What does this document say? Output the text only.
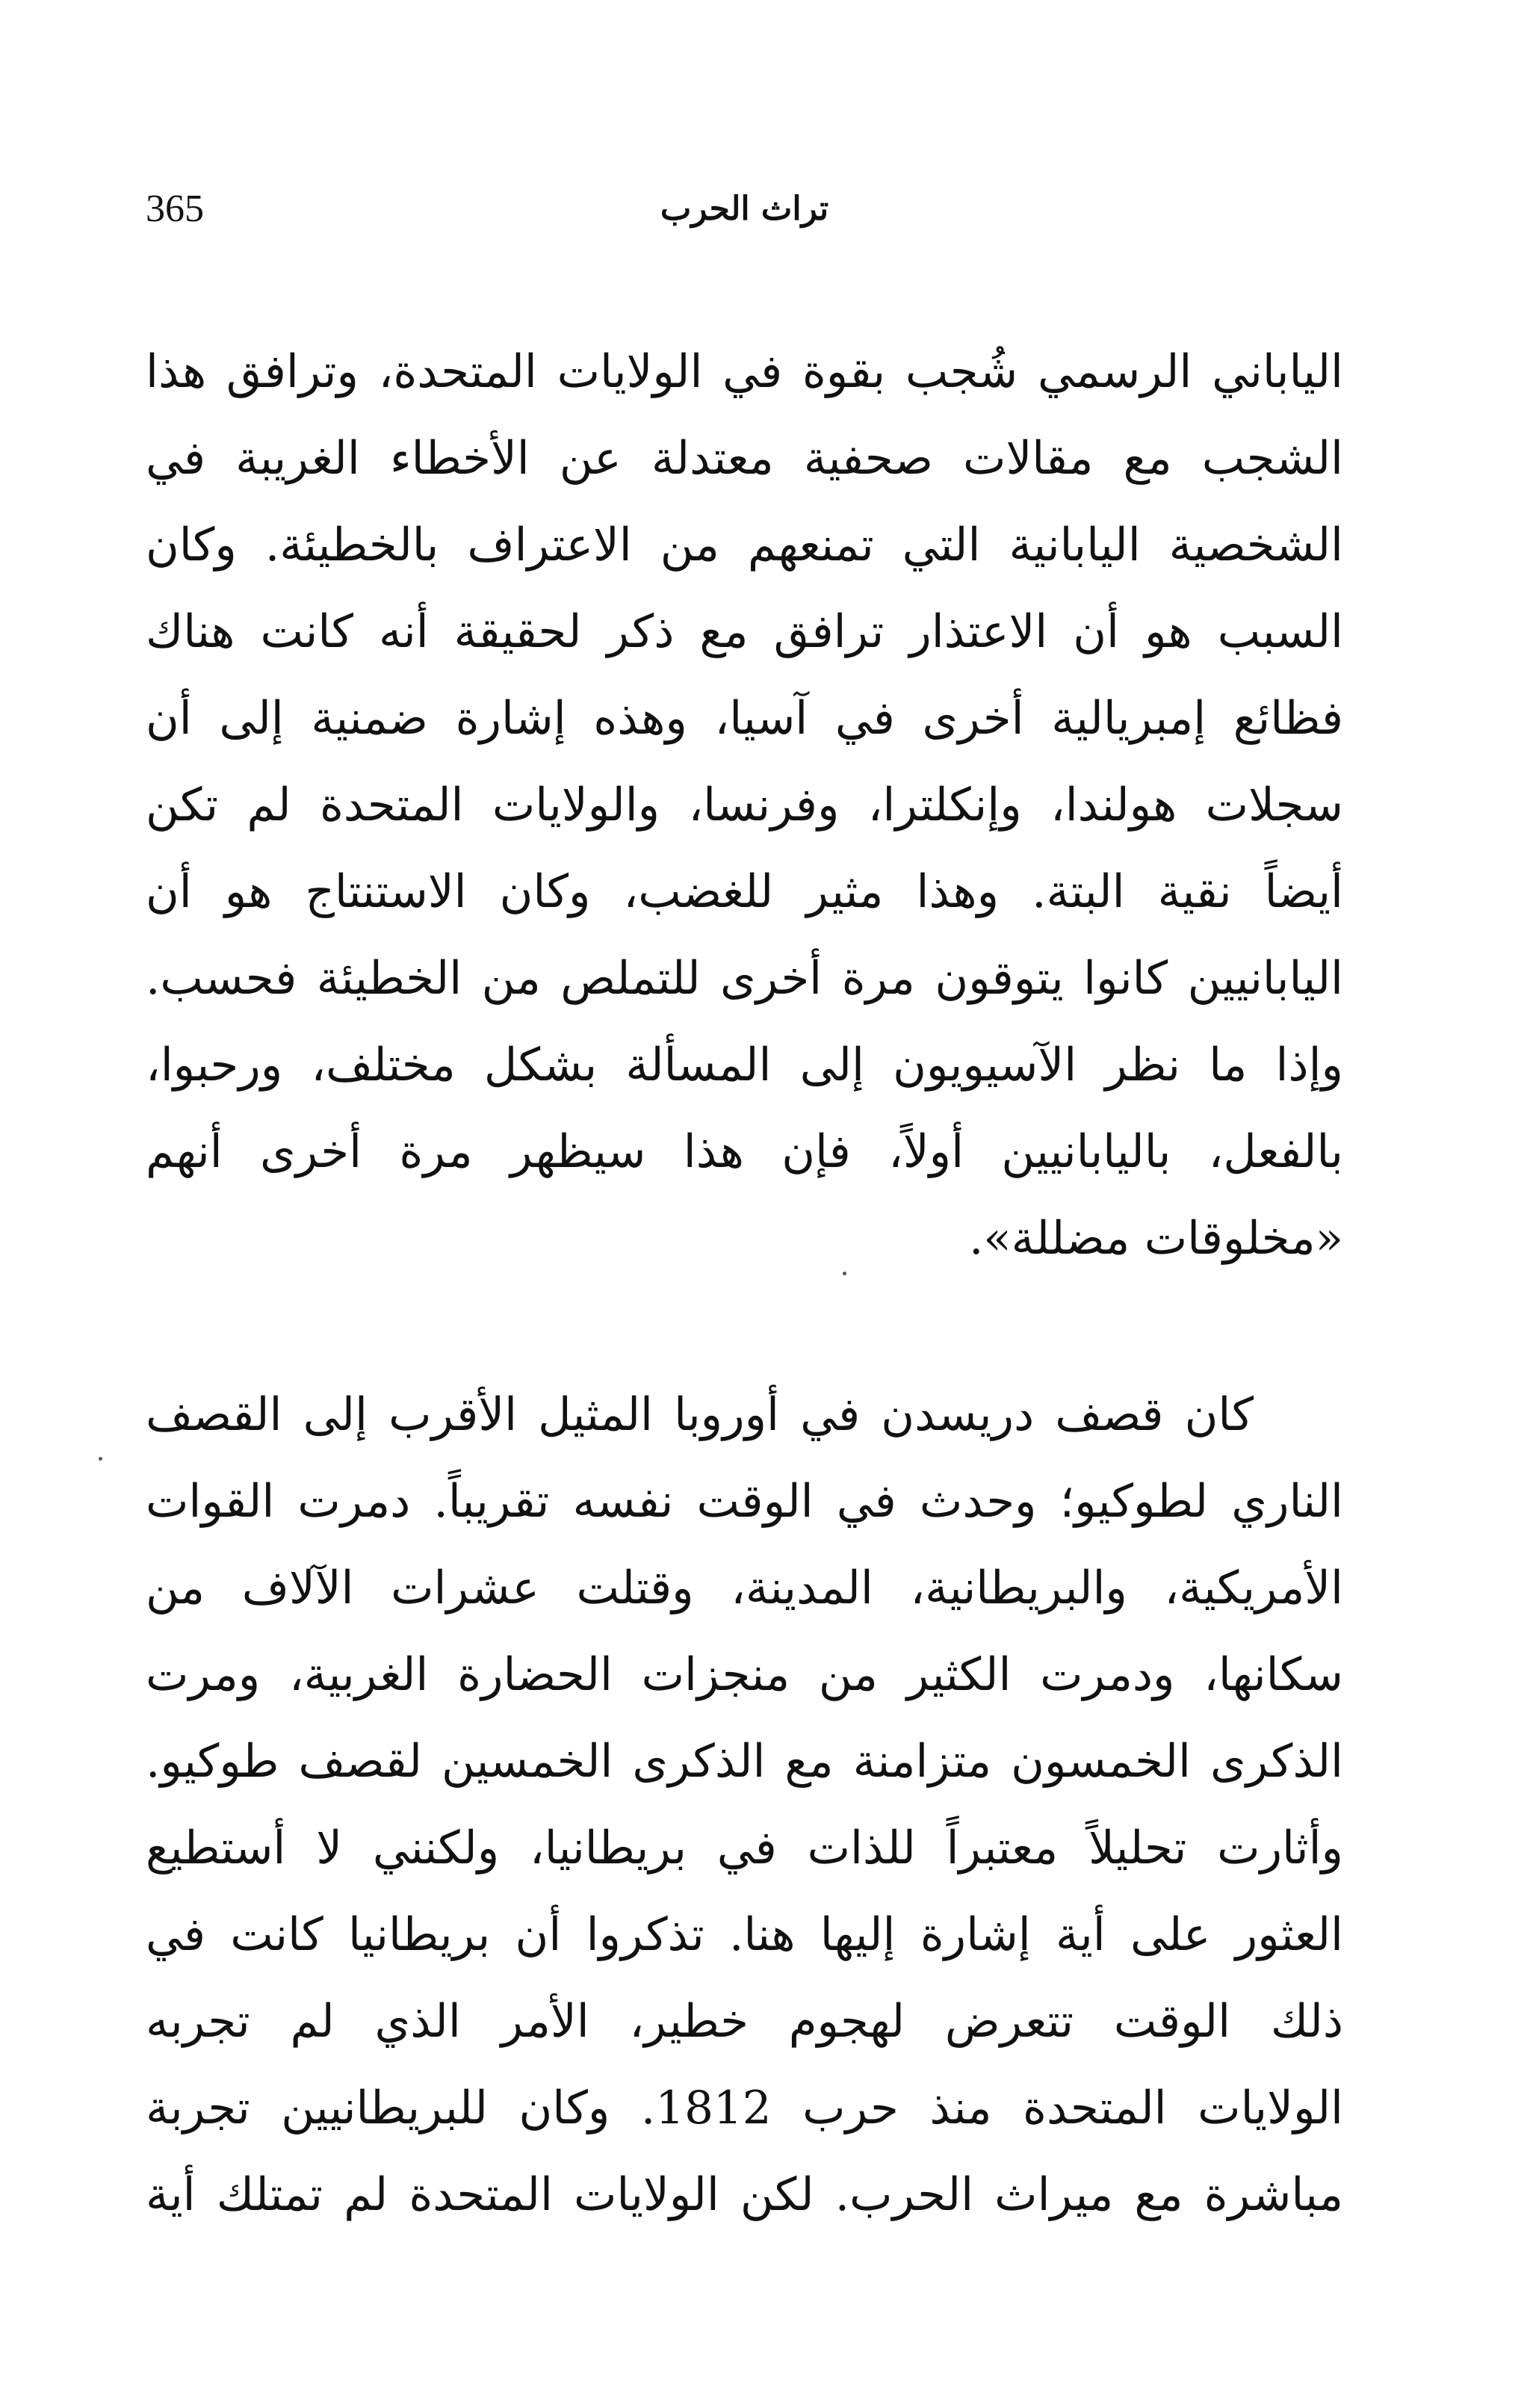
365	تراث الحرب
الياباني الرسمي شُجب بقوة في الولايات المتحدة، وترافق هذا
الشجب مع مقالات صحفية معتدلة عن الأخطاء الغريبة في
الشخصية اليابانية التي تمنعهم من الاعتراف بالخطيئة. وكان
السبب هو أن الاعتذار ترافق مع ذكر لحقيقة أنه كانت هناك
فظائع إمبريالية أخرى في آسيا، وهذه إشارة ضمنية إلى أن
سجلات هولندا، وإنكلترا، وفرنسا، والولايات المتحدة لم تكن
أيضاً نقية البتة. وهذا مثير للغضب، وكان الاستنتاج هو أن
اليابانيين كانوا يتوقون مرة أخرى للتملص من الخطيئة فحسب.
وإذا ما نظر الآسيويون إلى المسألة بشكل مختلف، ورحبوا،
بالفعل، باليابانيين أولاً، فإن هذا سيظهر مرة أخرى أنهم
«مخلوقات مضللة».
كان قصف دريسدن في أوروبا المثيل الأقرب إلى القصف
الناري لطوكيو؛ وحدث في الوقت نفسه تقريباً. دمرت القوات
الأمريكية، والبريطانية، المدينة، وقتلت عشرات الآلاف من
سكانها، ودمرت الكثير من منجزات الحضارة الغربية، ومرت
الذكرى الخمسون متزامنة مع الذكرى الخمسين لقصف طوكيو.
وأثارت تحليلاً معتبراً للذات في بريطانيا، ولكنني لا أستطيع
العثور على أية إشارة إليها هنا. تذكروا أن بريطانيا كانت في
ذلك الوقت تتعرض لهجوم خطير، الأمر الذي لم تجربه
الولايات المتحدة منذ حرب 1812. وكان للبريطانيين تجربة
مباشرة مع ميراث الحرب. لكن الولايات المتحدة لم تمتلك أية
